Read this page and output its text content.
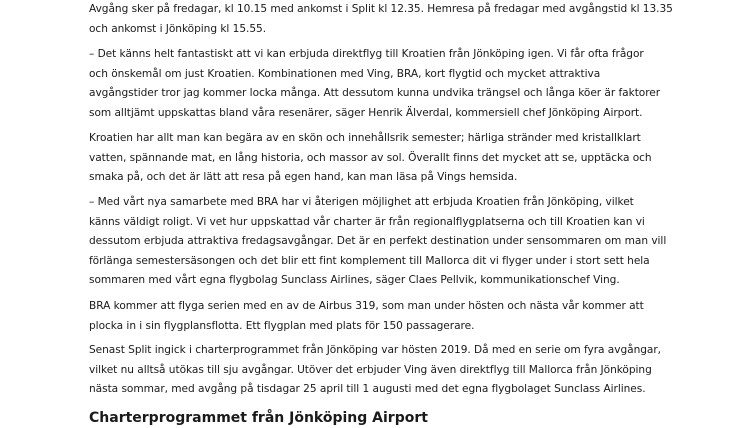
Avgång sker på fredagar, kl 10.15 med ankomst i Split kl 12.35. Hemresa på fredagar med avgångstid kl 13.35
och ankomst i Jönköping kl 15.55.

– Det känns helt fantastiskt att vi kan erbjuda direktflyg till Kroatien från Jönköping igen. Vi får ofta frågor
och önskemål om just Kroatien. Kombinationen med Ving, BRA, kort flygtid och mycket attraktiva
avgångstider tror jag kommer locka många. Att dessutom kunna undvika trängsel och långa köer är faktorer
som alltjämt uppskattas bland våra resenärer, säger Henrik Älverdal, kommersiell chef Jönköping Airport.

Kroatien har allt man kan begära av en skön och innehållsrik semester; härliga stränder med kristallklart
vatten, spännande mat, en lång historia, och massor av sol. Överallt finns det mycket att se, upptäcka och
smaka på, och det är lätt att resa på egen hand, kan man läsa på Vings hemsida.

– Med vårt nya samarbete med BRA har vi återigen möjlighet att erbjuda Kroatien från Jönköping, vilket
känns väldigt roligt. Vi vet hur uppskattad vår charter är från regionalflygplatserna och till Kroatien kan vi
dessutom erbjuda attraktiva fredagsavgångar. Det är en perfekt destination under sensommaren om man vill
förlänga semestersäsongen och det blir ett fint komplement till Mallorca dit vi flyger under i stort sett hela
sommaren med vårt egna flygbolag Sunclass Airlines, säger Claes Pellvik, kommunikationschef Ving.

BRA kommer att flyga serien med en av de Airbus 319, som man under hösten och nästa vår kommer att
plocka in i sin flygplansflotta. Ett flygplan med plats för 150 passagerare.

Senast Split ingick i charterprogrammet från Jönköping var hösten 2019. Då med en serie om fyra avgångar,
vilket nu alltså utökas till sju avgångar. Utöver det erbjuder Ving även direktflyg till Mallorca från Jönköping
nästa sommar, med avgång på tisdagar 25 april till 1 augusti med det egna flygbolaget Sunclass Airlines.

Charterprogrammet från Jönköping Airport
